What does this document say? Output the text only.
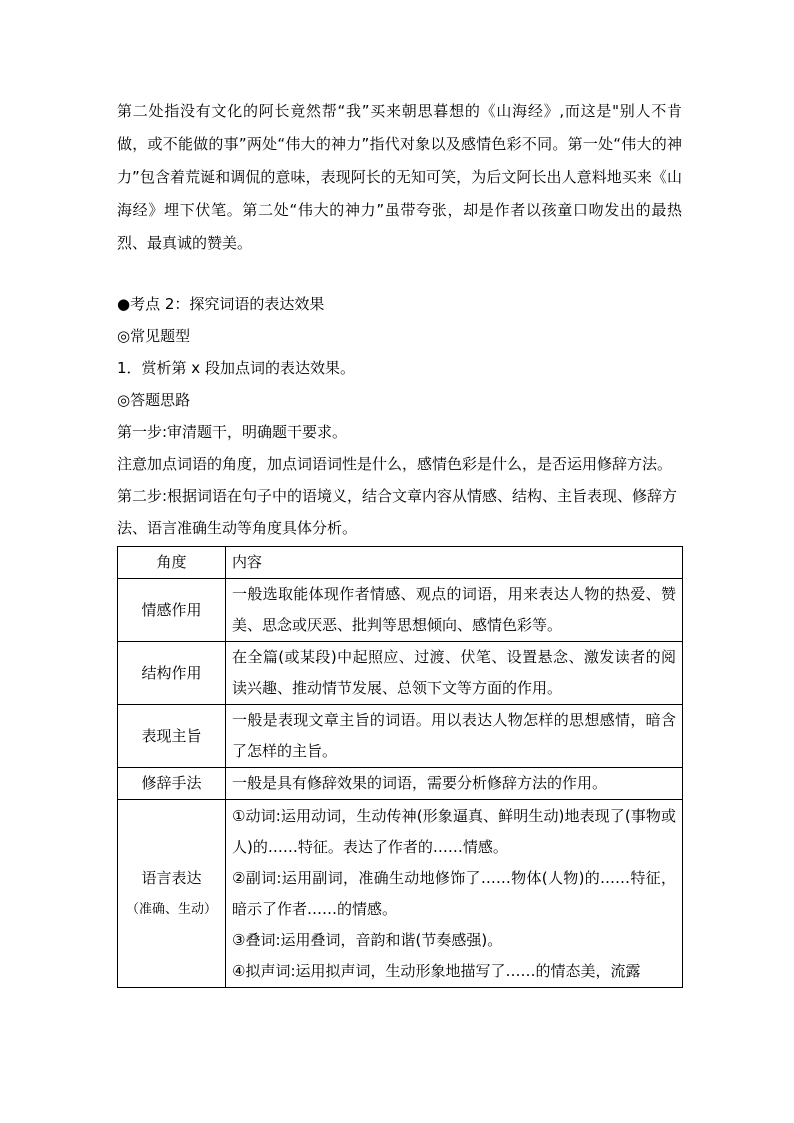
第二处指没有文化的阿长竟然帮“我”买来朝思暮想的《山海经》,而这是"别人不肯做，或不能做的事”两处“伟大的神力”指代对象以及感情色彩不同。第一处“伟大的神力”包含着荒诞和调侃的意味，表现阿长的无知可笑，为后文阿长出人意料地买来《山海经》埋下伏笔。第二处“伟大的神力”虽带夸张，却是作者以孩童口吻发出的最热烈、最真诚的赞美。

●考点 2：探究词语的表达效果

◎常见题型

1．赏析第 x 段加点词的表达效果。

◎答题思路

第一步:审清题干，明确题干要求。

注意加点词语的角度，加点词语词性是什么，感情色彩是什么，是否运用修辞方法。

第二步:根据词语在句子中的语境义，结合文章内容从情感、结构、主旨表现、修辞方法、语言准确生动等角度具体分析。

角度	内容
情感作用	一般选取能体现作者情感、观点的词语，用来表达人物的热爱、赞美、思念或厌恶、批判等思想倾向、感情色彩等。
结构作用	在全篇(或某段)中起照应、过渡、伏笔、设置悬念、激发读者的阅读兴趣、推动情节发展、总领下文等方面的作用。
表现主旨	一般是表现文章主旨的词语。用以表达人物怎样的思想感情，暗含了怎样的主旨。
修辞手法	一般是具有修辞效果的词语，需要分析修辞方法的作用。

语言表达
（准确、生动）	①动词:运用动词，生动传神(形象逼真、鲜明生动)地表现了(事物或人)的……特征。表达了作者的……情感。
②副词:运用副词，准确生动地修饰了……物体(人物)的……特征，暗示了作者……的情感。
③叠词:运用叠词，音韵和谐(节奏感强)。
④拟声词:运用拟声词，生动形象地描写了……的情态美，流露
